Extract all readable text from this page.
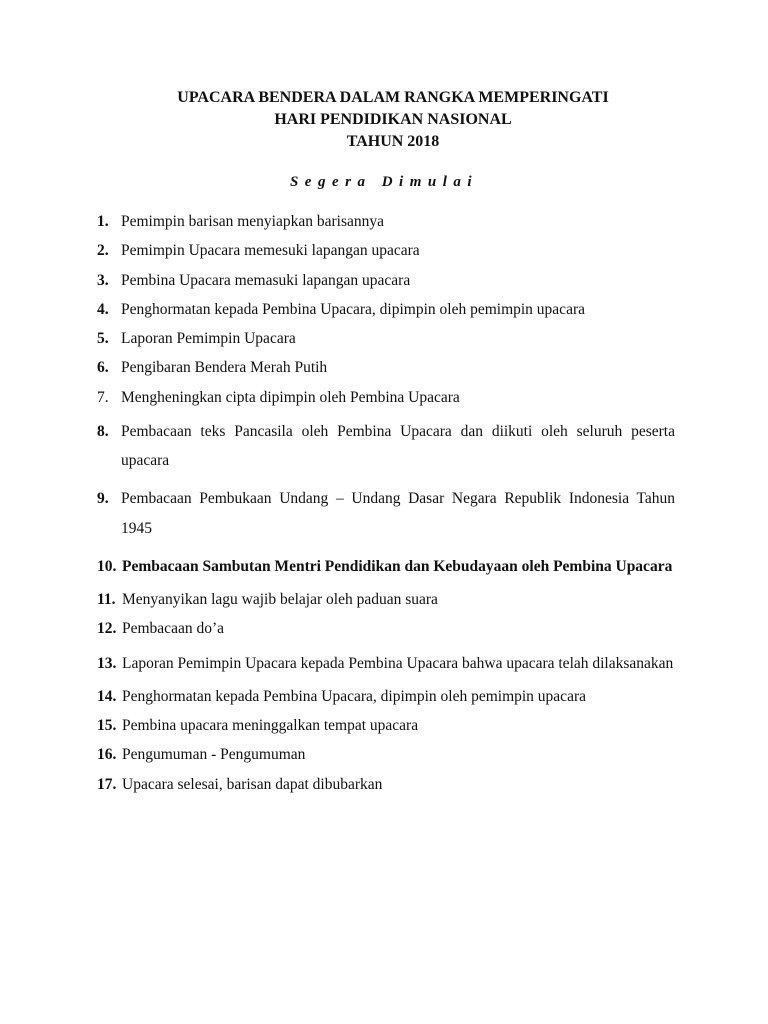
UPACARA BENDERA DALAM RANGKA MEMPERINGATI
HARI PENDIDIKAN NASIONAL
TAHUN 2018
Segera Dimulai
1. Pemimpin barisan menyiapkan barisannya
2. Pemimpin Upacara memesuki lapangan upacara
3. Pembina Upacara memasuki lapangan upacara
4. Penghormatan kepada Pembina Upacara, dipimpin oleh pemimpin upacara
5. Laporan Pemimpin Upacara
6. Pengibaran Bendera Merah Putih
7. Mengheningkan cipta dipimpin oleh Pembina Upacara
8. Pembacaan teks Pancasila oleh Pembina Upacara dan diikuti oleh seluruh peserta upacara
9. Pembacaan Pembukaan Undang – Undang Dasar Negara Republik Indonesia Tahun 1945
10. Pembacaan Sambutan Mentri Pendidikan dan Kebudayaan oleh Pembina Upacara
11. Menyanyikan lagu wajib belajar oleh paduan suara
12. Pembacaan do’a
13. Laporan Pemimpin Upacara kepada Pembina Upacara bahwa upacara telah dilaksanakan
14. Penghormatan kepada Pembina Upacara, dipimpin oleh pemimpin upacara
15. Pembina upacara meninggalkan tempat upacara
16. Pengumuman - Pengumuman
17. Upacara selesai, barisan dapat dibubarkan
